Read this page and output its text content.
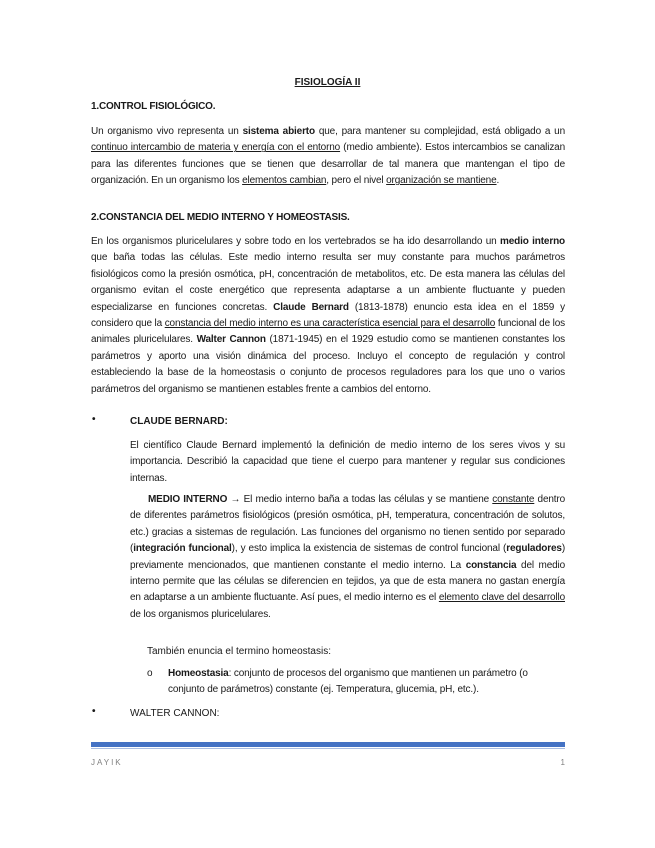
FISIOLOGÍA II
1.CONTROL FISIOLÓGICO.

Un organismo vivo representa un sistema abierto que, para mantener su complejidad, está obligado a un continuo intercambio de materia y energía con el entorno (medio ambiente). Estos intercambios se canalizan para las diferentes funciones que se tienen que desarrollar de tal manera que mantengan el tipo de organización. En un organismo los elementos cambian, pero el nivel organización se mantiene.

2.CONSTANCIA DEL MEDIO INTERNO Y HOMEOSTASIS.

En los organismos pluricelulares y sobre todo en los vertebrados se ha ido desarrollando un medio interno que baña todas las células. Este medio interno resulta ser muy constante para muchos parámetros fisiológicos como la presión osmótica, pH, concentración de metabolitos, etc. De esta manera las células del organismo evitan el coste energético que representa adaptarse a un ambiente fluctuante y pueden especializarse en funciones concretas. Claude Bernard (1813-1878) enuncio esta idea en el 1859 y considero que la constancia del medio interno es una característica esencial para el desarrollo funcional de los animales pluricelulares. Walter Cannon (1871-1945) en el 1929 estudio como se mantienen constantes los parámetros y aporto una visión dinámica del proceso. Incluyo el concepto de regulación y control estableciendo la base de la homeostasis o conjunto de procesos reguladores para los que uno o varios parámetros del organismo se mantienen estables frente a cambios del entorno.

•	CLAUDE BERNARD:

El científico Claude Bernard implementó la definición de medio interno de los seres vivos y su importancia. Describió la capacidad que tiene el cuerpo para mantener y regular sus condiciones internas.

MEDIO INTERNO → El medio interno baña a todas las células y se mantiene constante dentro de diferentes parámetros fisiológicos (presión osmótica, pH, temperatura, concentración de solutos, etc.) gracias a sistemas de regulación. Las funciones del organismo no tienen sentido por separado (integración funcional), y esto implica la existencia de sistemas de control funcional (reguladores) previamente mencionados, que mantienen constante el medio interno. La constancia del medio interno permite que las células se diferencien en tejidos, ya que de esta manera no gastan energía en adaptarse a un ambiente fluctuante. Así pues, el medio interno es el elemento clave del desarrollo de los organismos pluricelulares.

También enuncia el termino homeostasis:

o Homeostasia: conjunto de procesos del organismo que mantienen un parámetro (o conjunto de parámetros) constante (ej. Temperatura, glucemia, pH, etc.).

•	WALTER CANNON:
JAYIK	1
